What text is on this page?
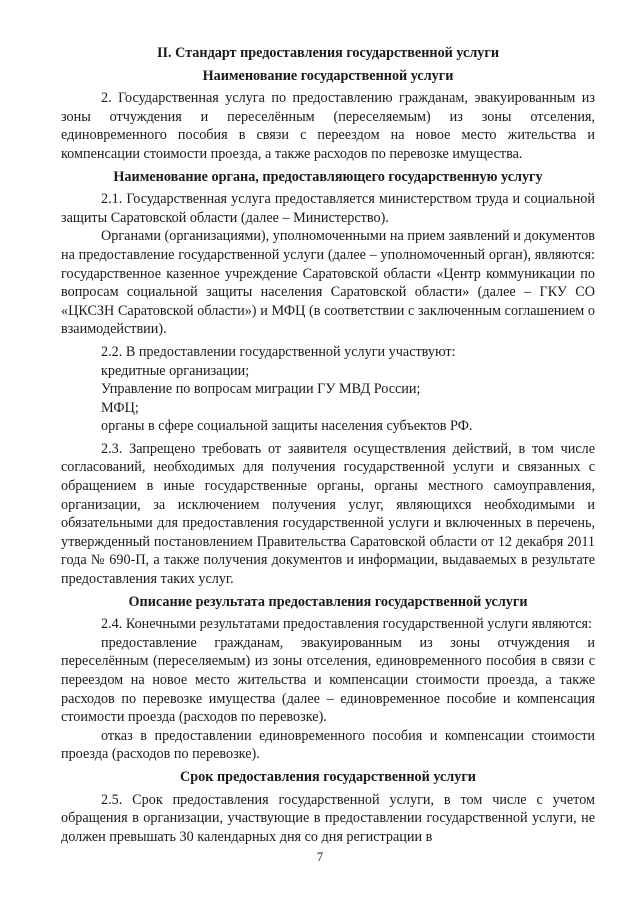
II. Стандарт предоставления государственной услуги
Наименование государственной услуги
2. Государственная услуга по предоставлению гражданам, эвакуированным из зоны отчуждения и переселённым (переселяемым) из зоны отселения, единовременного пособия в связи с переездом на новое место жительства и компенсации стоимости проезда, а также расходов по перевозке имущества.
Наименование органа, предоставляющего государственную услугу
2.1. Государственная услуга предоставляется министерством труда и социальной защиты Саратовской области (далее – Министерство).
Органами (организациями), уполномоченными на прием заявлений и документов на предоставление государственной услуги (далее – уполномоченный орган), являются: государственное казенное учреждение Саратовской области «Центр коммуникации по вопросам социальной защиты населения Саратовской области» (далее – ГКУ СО «ЦКСЗН Саратовской области») и МФЦ (в соответствии с заключенным соглашением о взаимодействии).
2.2. В предоставлении государственной услуги участвуют:
кредитные организации;
Управление по вопросам миграции ГУ МВД России;
МФЦ;
органы в сфере социальной защиты населения субъектов РФ.
2.3. Запрещено требовать от заявителя осуществления действий, в том числе согласований, необходимых для получения государственной услуги и связанных с обращением в иные государственные органы, органы местного самоуправления, организации, за исключением получения услуг, являющихся необходимыми и обязательными для предоставления государственной услуги и включенных в перечень, утвержденный постановлением Правительства Саратовской области от 12 декабря 2011 года № 690-П, а также получения документов и информации, выдаваемых в результате предоставления таких услуг.
Описание результата предоставления государственной услуги
2.4. Конечными результатами предоставления государственной услуги являются:
предоставление гражданам, эвакуированным из зоны отчуждения и переселённым (переселяемым) из зоны отселения, единовременного пособия в связи с переездом на новое место жительства и компенсации стоимости проезда, а также расходов по перевозке имущества (далее – единовременное пособие и компенсация стоимости проезда (расходов по перевозке).
отказ в предоставлении единовременного пособия и компенсации стоимости проезда (расходов по перевозке).
Срок предоставления государственной услуги
2.5. Срок предоставления государственной услуги, в том числе с учетом обращения в организации, участвующие в предоставлении государственной услуги, не должен превышать 30 календарных дня со дня регистрации в
7
